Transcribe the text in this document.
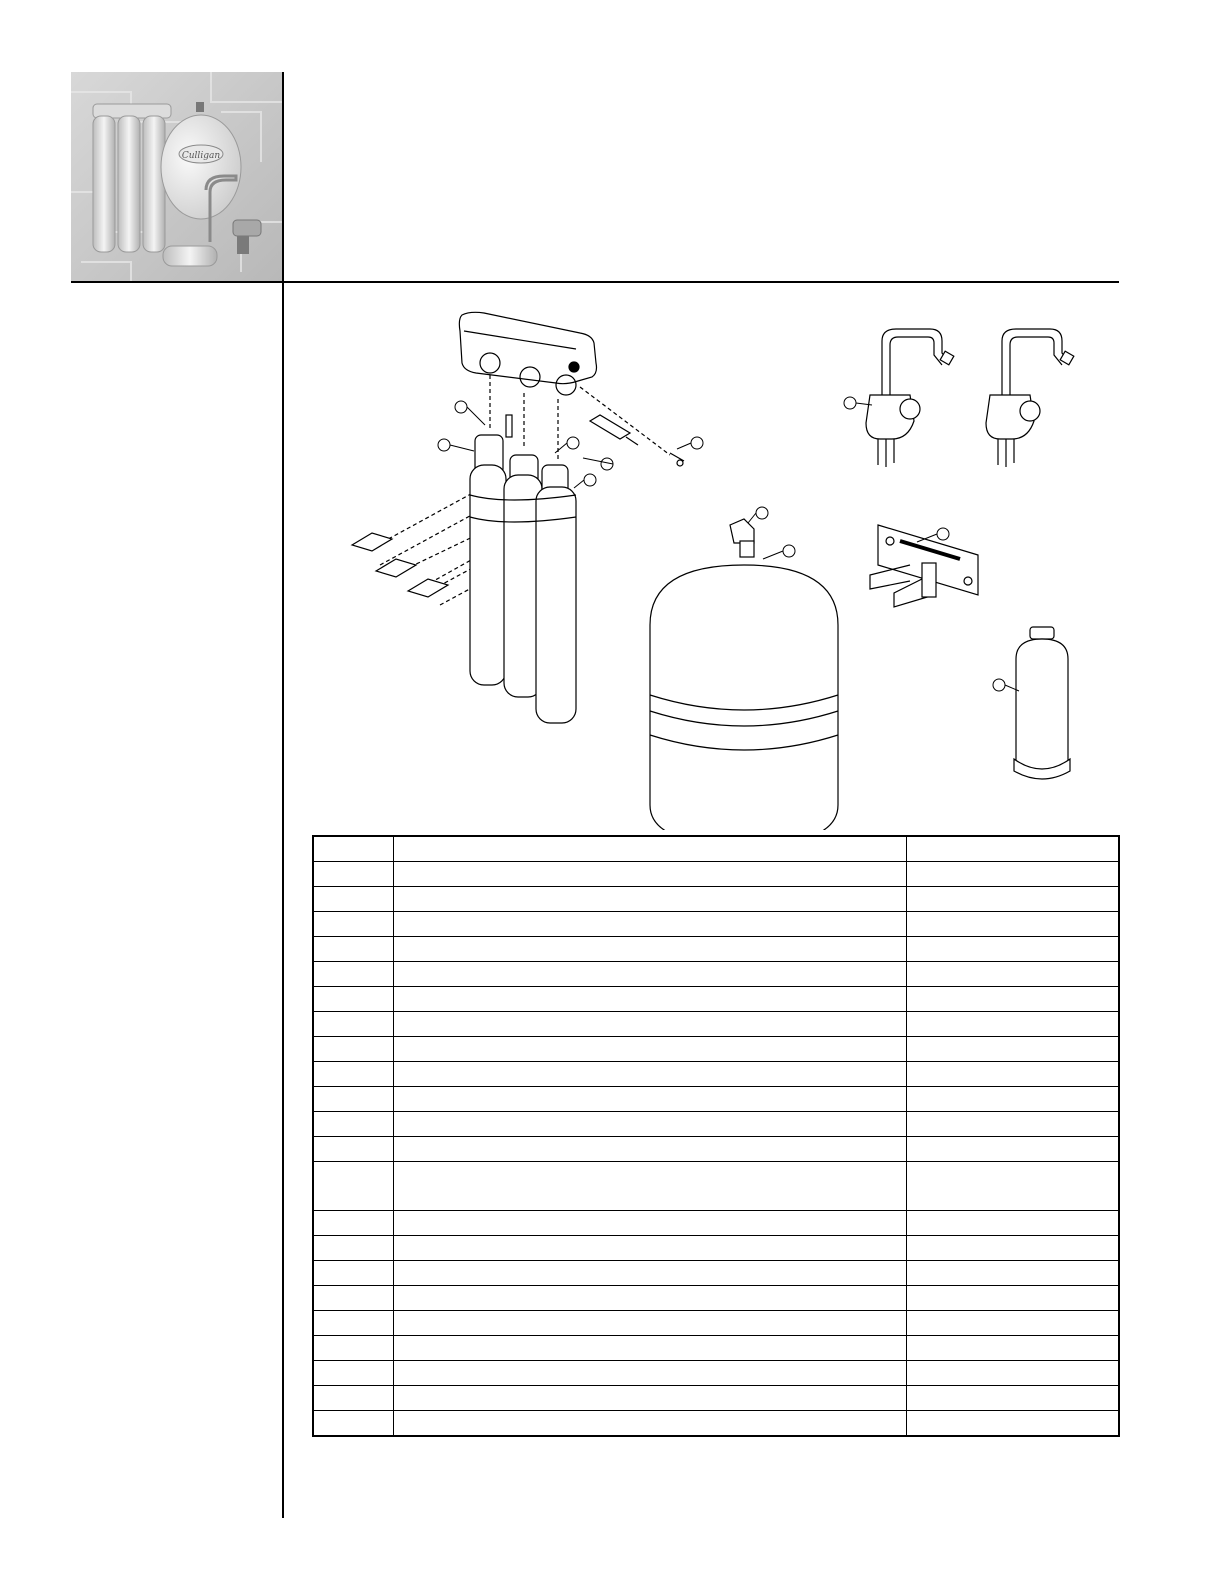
Culligan
